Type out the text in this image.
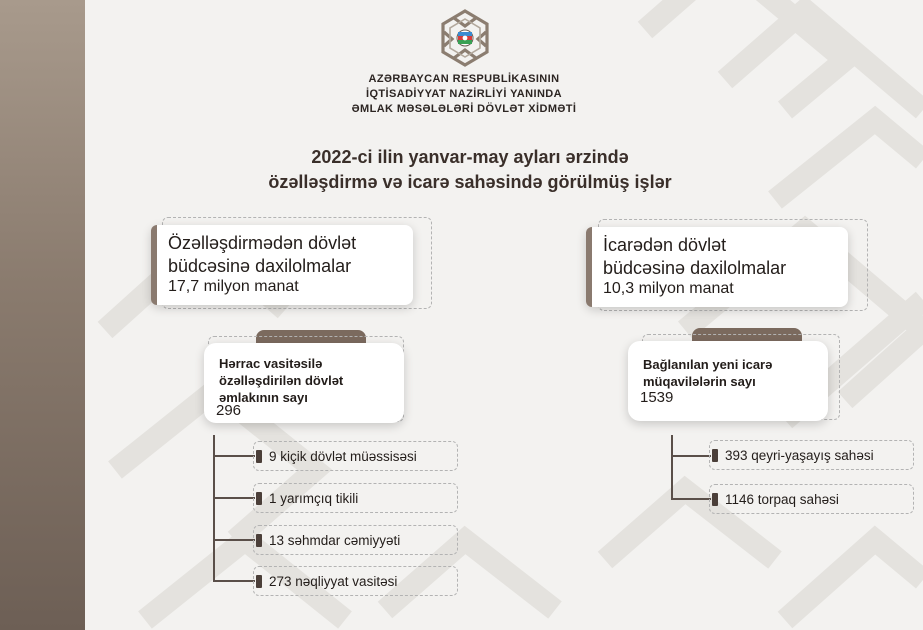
AZƏRBAYCAN RESPUBLİKASININ
İQTİSADİYYAT NAZİRLİYİ YANINDA
ƏMLAK MƏSƏLƏLƏRİ DÖVLƏT XİDMƏTİ
2022-ci ilin yanvar-may ayları ərzində
özəlləşdirmə və icarə sahəsində görülmüş işlər
Özəlləşdirmədən dövlət
büdcəsinə daxilolmalar
17,7 milyon manat
Hərrac vasitəsilə
özəlləşdirilən dövlət
əmlakının sayı
296
9 kiçik dövlət müəssisəsi
1 yarımçıq tikili
13 səhmdar cəmiyyəti
273 nəqliyyat vasitəsi
İcarədən dövlət
büdcəsinə daxilolmalar
10,3 milyon manat
Bağlanılan yeni icarə
müqavilələrin sayı
1539
393 qeyri-yaşayış sahəsi
1146 torpaq sahəsi
